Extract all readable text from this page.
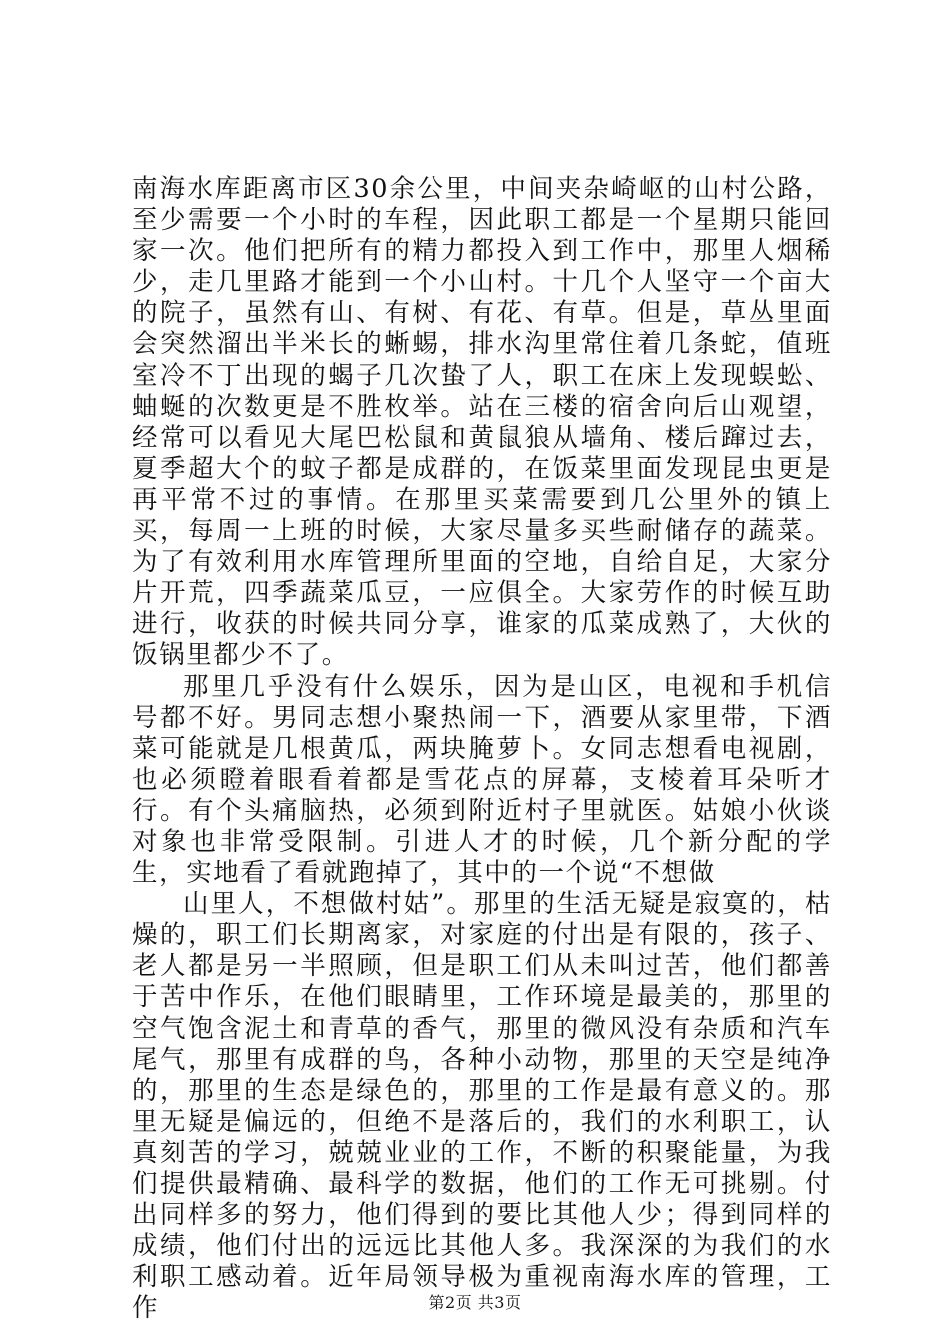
南海水库距离市区30余公里，中间夹杂崎岖的山村公路，至少需要一个小时的车程，因此职工都是一个星期只能回家一次。他们把所有的精力都投入到工作中，那里人烟稀少，走几里路才能到一个小山村。十几个人坚守一个亩大的院子，虽然有山、有树、有花、有草。但是，草丛里面会突然溜出半米长的蜥蜴，排水沟里常住着几条蛇，值班室冷不丁出现的蝎子几次蛰了人，职工在床上发现蜈蚣、蚰蜒的次数更是不胜枚举。站在三楼的宿舍向后山观望，经常可以看见大尾巴松鼠和黄鼠狼从墙角、楼后蹿过去，夏季超大个的蚊子都是成群的，在饭菜里面发现昆虫更是再平常不过的事情。在那里买菜需要到几公里外的镇上买，每周一上班的时候，大家尽量多买些耐储存的蔬菜。为了有效利用水库管理所里面的空地，自给自足，大家分片开荒，四季蔬菜瓜豆，一应俱全。大家劳作的时候互助进行，收获的时候共同分享，谁家的瓜菜成熟了，大伙的饭锅里都少不了。

那里几乎没有什么娱乐，因为是山区，电视和手机信号都不好。男同志想小聚热闹一下，酒要从家里带，下酒菜可能就是几根黄瓜，两块腌萝卜。女同志想看电视剧，也必须瞪着眼看着都是雪花点的屏幕，支棱着耳朵听才行。有个头痛脑热，必须到附近村子里就医。姑娘小伙谈对象也非常受限制。引进人才的时候，几个新分配的学生，实地看了看就跑掉了，其中的一个说“不想做

山里人，不想做村姑”。那里的生活无疑是寂寞的，枯燥的，职工们长期离家，对家庭的付出是有限的，孩子、老人都是另一半照顾，但是职工们从未叫过苦，他们都善于苦中作乐，在他们眼睛里，工作环境是最美的，那里的空气饱含泥土和青草的香气，那里的微风没有杂质和汽车尾气，那里有成群的鸟，各种小动物，那里的天空是纯净的，那里的生态是绿色的，那里的工作是最有意义的。那里无疑是偏远的，但绝不是落后的，我们的水利职工，认真刻苦的学习，兢兢业业的工作，不断的积聚能量，为我们提供最精确、最科学的数据，他们的工作无可挑剔。付出同样多的努力，他们得到的要比其他人少；得到同样的成绩，他们付出的远远比其他人多。我深深的为我们的水利职工感动着。近年局领导极为重视南海水库的管理，工作	第2页 共3页
